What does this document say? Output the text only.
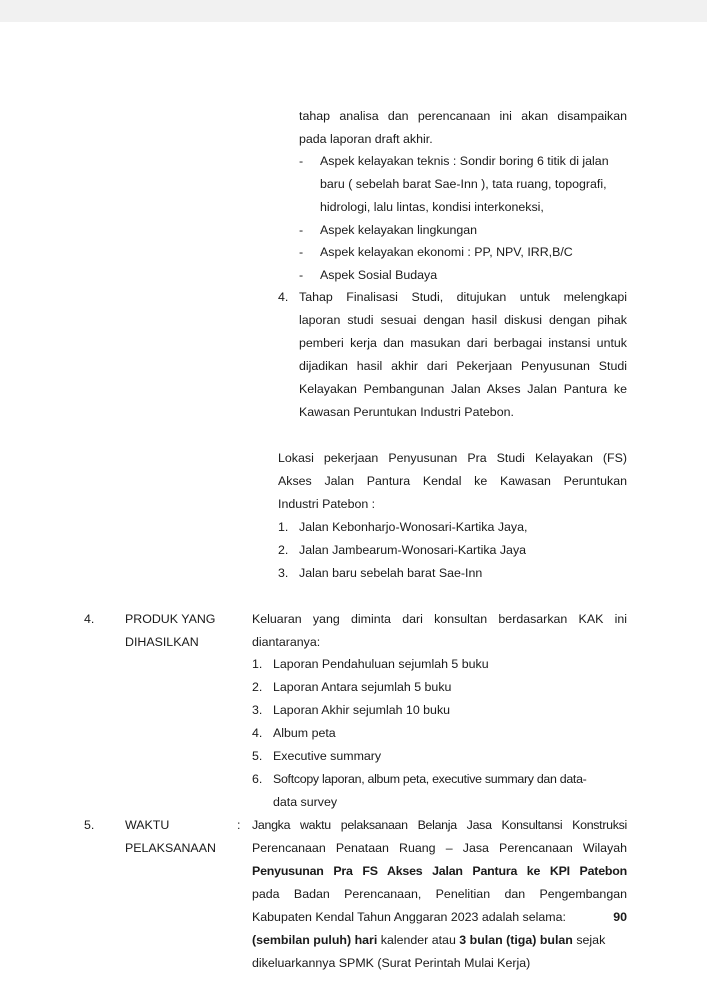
tahap analisa dan perencanaan ini akan disampaikan
pada laporan draft akhir.
- Aspek kelayakan teknis : Sondir boring 6 titik di jalan
baru ( sebelah barat Sae-Inn ), tata ruang, topografi,
hidrologi, lalu lintas, kondisi interkoneksi,
- Aspek kelayakan lingkungan
- Aspek kelayakan ekonomi : PP, NPV, IRR,B/C
- Aspek Sosial Budaya
4. Tahap Finalisasi Studi, ditujukan untuk melengkapi
laporan studi sesuai dengan hasil diskusi dengan pihak
pemberi kerja dan masukan dari berbagai instansi untuk
dijadikan hasil akhir dari Pekerjaan Penyusunan Studi
Kelayakan Pembangunan Jalan Akses Jalan Pantura ke
Kawasan Peruntukan Industri Patebon.
Lokasi pekerjaan Penyusunan Pra Studi Kelayakan (FS)
Akses Jalan Pantura Kendal ke Kawasan Peruntukan
Industri Patebon :
1. Jalan Kebonharjo-Wonosari-Kartika Jaya,
2. Jalan Jambearum-Wonosari-Kartika Jaya
3. Jalan baru sebelah barat Sae-Inn
4. PRODUK YANG
DIHASILKAN
Keluaran yang diminta dari konsultan berdasarkan KAK ini
diantaranya:
1. Laporan Pendahuluan sejumlah 5 buku
2. Laporan Antara sejumlah 5 buku
3. Laporan Akhir sejumlah 10 buku
4. Album peta
5. Executive summary
6. Softcopy laporan, album peta, executive summary dan data-
data survey
5. WAKTU
PELAKSANAAN
: Jangka waktu pelaksanaan Belanja Jasa Konsultansi Konstruksi
Perencanaan Penataan Ruang – Jasa Perencanaan Wilayah
Penyusunan Pra FS Akses Jalan Pantura ke KPI Patebon
pada Badan Perencanaan, Penelitian dan Pengembangan
Kabupaten Kendal Tahun Anggaran 2023 adalah selama:	90
(sembilan puluh) hari kalender atau 3 bulan (tiga) bulan sejak
dikeluarkannya SPMK (Surat Perintah Mulai Kerja)
